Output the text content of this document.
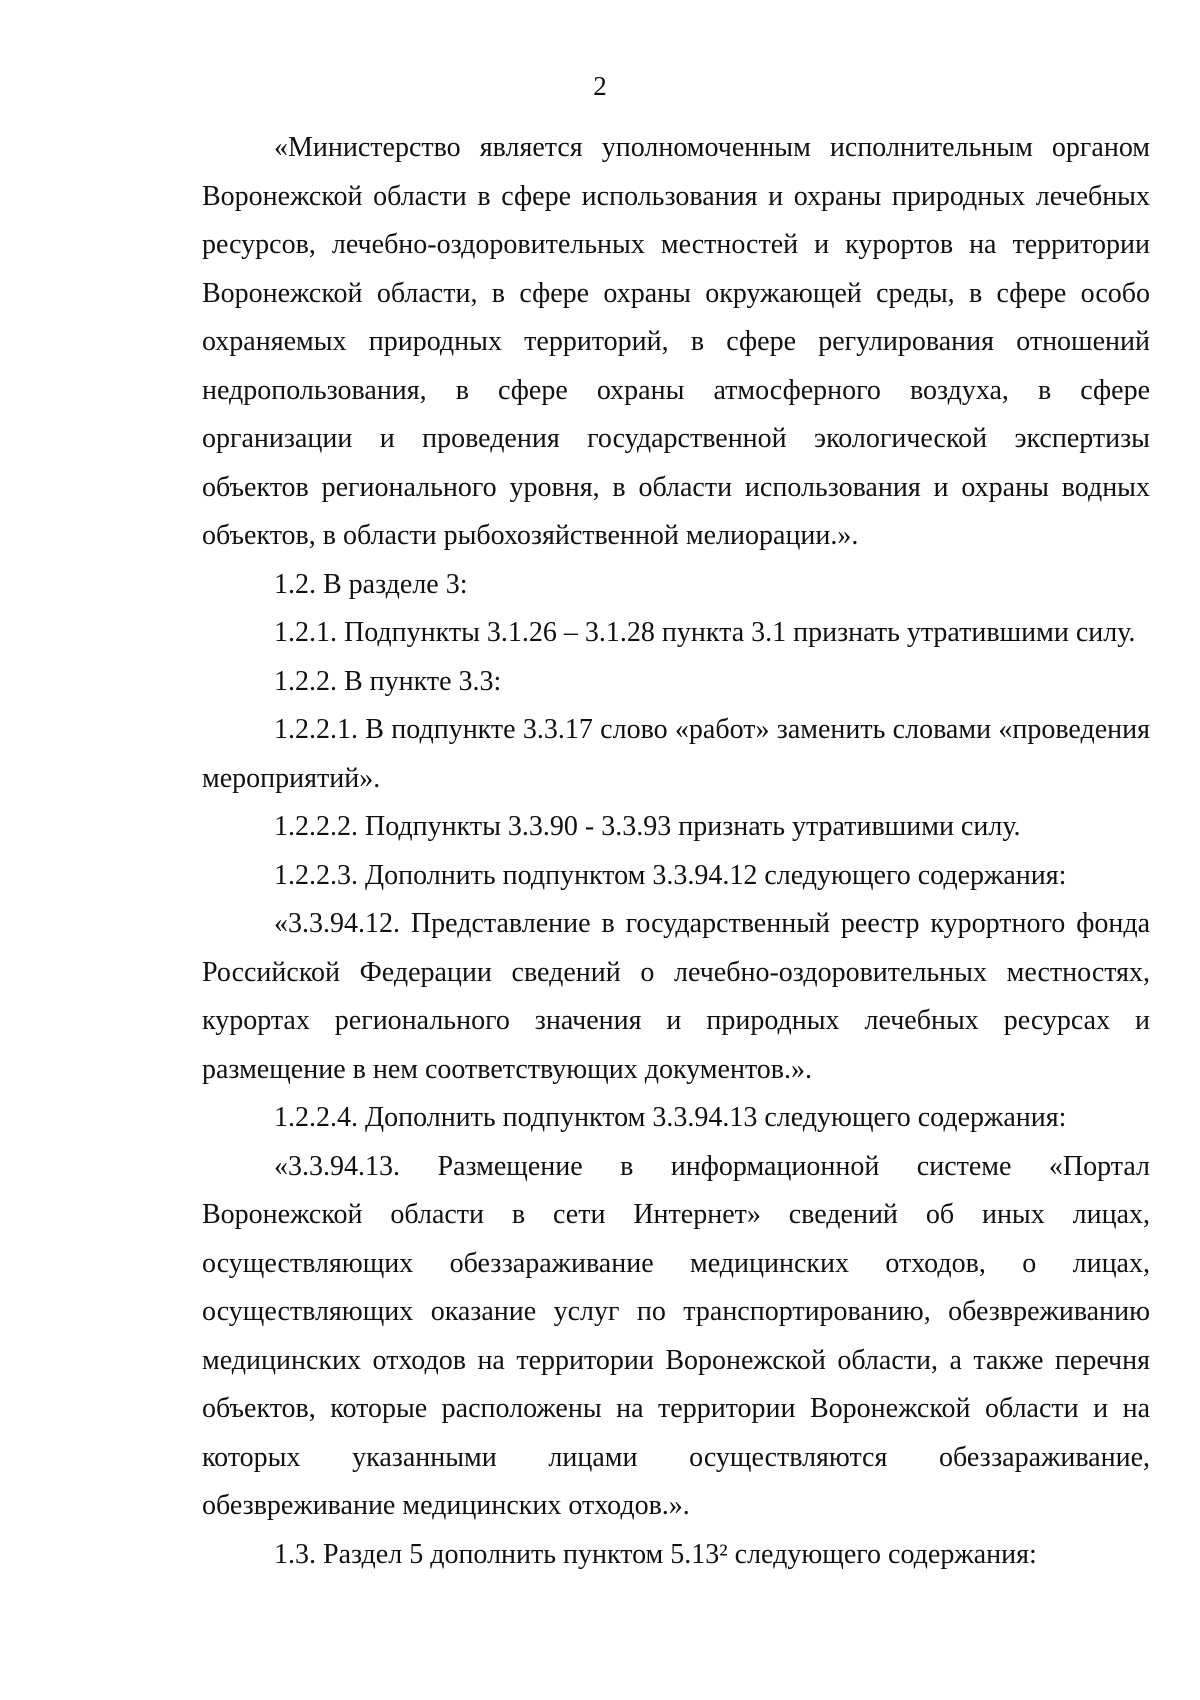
2

«Министерство является уполномоченным исполнительным органом Воронежской области в сфере использования и охраны природных лечебных ресурсов, лечебно-оздоровительных местностей и курортов на территории Воронежской области, в сфере охраны окружающей среды, в сфере особо охраняемых природных территорий, в сфере регулирования отношений недропользования, в сфере охраны атмосферного воздуха, в сфере организации и проведения государственной экологической экспертизы объектов регионального уровня, в области использования и охраны водных объектов, в области рыбохозяйственной мелиорации.».

1.2. В разделе 3:

1.2.1. Подпункты 3.1.26 – 3.1.28 пункта 3.1 признать утратившими силу.

1.2.2. В пункте 3.3:

1.2.2.1. В подпункте 3.3.17 слово «работ» заменить словами «проведения мероприятий».

1.2.2.2. Подпункты 3.3.90 - 3.3.93 признать утратившими силу.

1.2.2.3. Дополнить подпунктом 3.3.94.12 следующего содержания:

«3.3.94.12. Представление в государственный реестр курортного фонда Российской Федерации сведений о лечебно-оздоровительных местностях, курортах регионального значения и природных лечебных ресурсах и размещение в нем соответствующих документов.».

1.2.2.4. Дополнить подпунктом 3.3.94.13 следующего содержания:

«3.3.94.13. Размещение в информационной системе «Портал Воронежской области в сети Интернет» сведений об иных лицах, осуществляющих обеззараживание медицинских отходов, о лицах, осуществляющих оказание услуг по транспортированию, обезвреживанию медицинских отходов на территории Воронежской области, а также перечня объектов, которые расположены на территории Воронежской области и на которых указанными лицами осуществляются обеззараживание, обезвреживание медицинских отходов.».

1.3. Раздел 5 дополнить пунктом 5.13² следующего содержания:
